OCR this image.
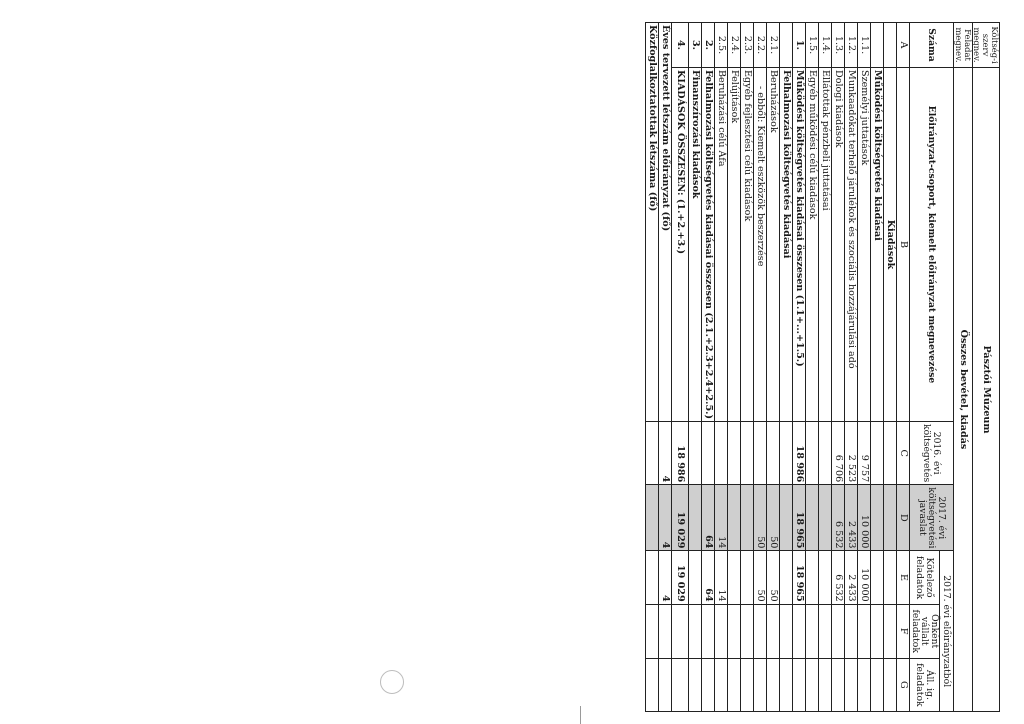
Költség-i szerv megnev.	Pásztói Múzeum					
Feladat megnev.	Összes bevétel, kiadás					
Száma	Előirányzat-csoport, kiemelt előirányzat megnevezése	2016. évi költségvetés	2017. évi költségvetési javaslat	2017. évi előirányzatból		
				Kötelező feladatok	Önként vállalt feladatok	Áll. ig. feladatok
A	B	C	D	E	F	G
	Kiadások					
	Működési költségvetés kiadásai					
1.1.	Személyi juttatások	9 757	10 000	10 000		
1.2.	Munkaadókat terhelő járulékok és szociális hozzájárulási adó	2 523	2 433	2 433		
1.3.	Dologi kiadások	6 706	6 532	6 532		
1.4.	Ellátottak pénzbeli juttatásai					
1.5.	Egyéb működési célú kiadások					
1.	Működési költségvetés kiadásai összesen (1.1+...+1.5.)	18 986	18 965	18 965		
	Felhalmozási költségvetés kiadásai					
2.1.	Beruházások		50	50		
2.2.	- ebből: Kiemelt eszközök beszerzése		50	50		
2.3.	Egyéb fejlesztési célú kiadások					
2.4.	Felújítások					
2.5.	Beruházási célú Áfa		14	14		
2.	Felhalmozási költségvetés kiadásai összesen (2.1.+2.3+2.4+2.5.)		64	64		
3.	Finanszírozási kiadások					
4.	KIADÁSOK ÖSSZESEN: (1.+2.+3.)	18 986	19 029	19 029		
Éves tervezett létszám előirányzat (fő)		4	4	4		
Közfoglalkoztatottak létszáma (fő)						
